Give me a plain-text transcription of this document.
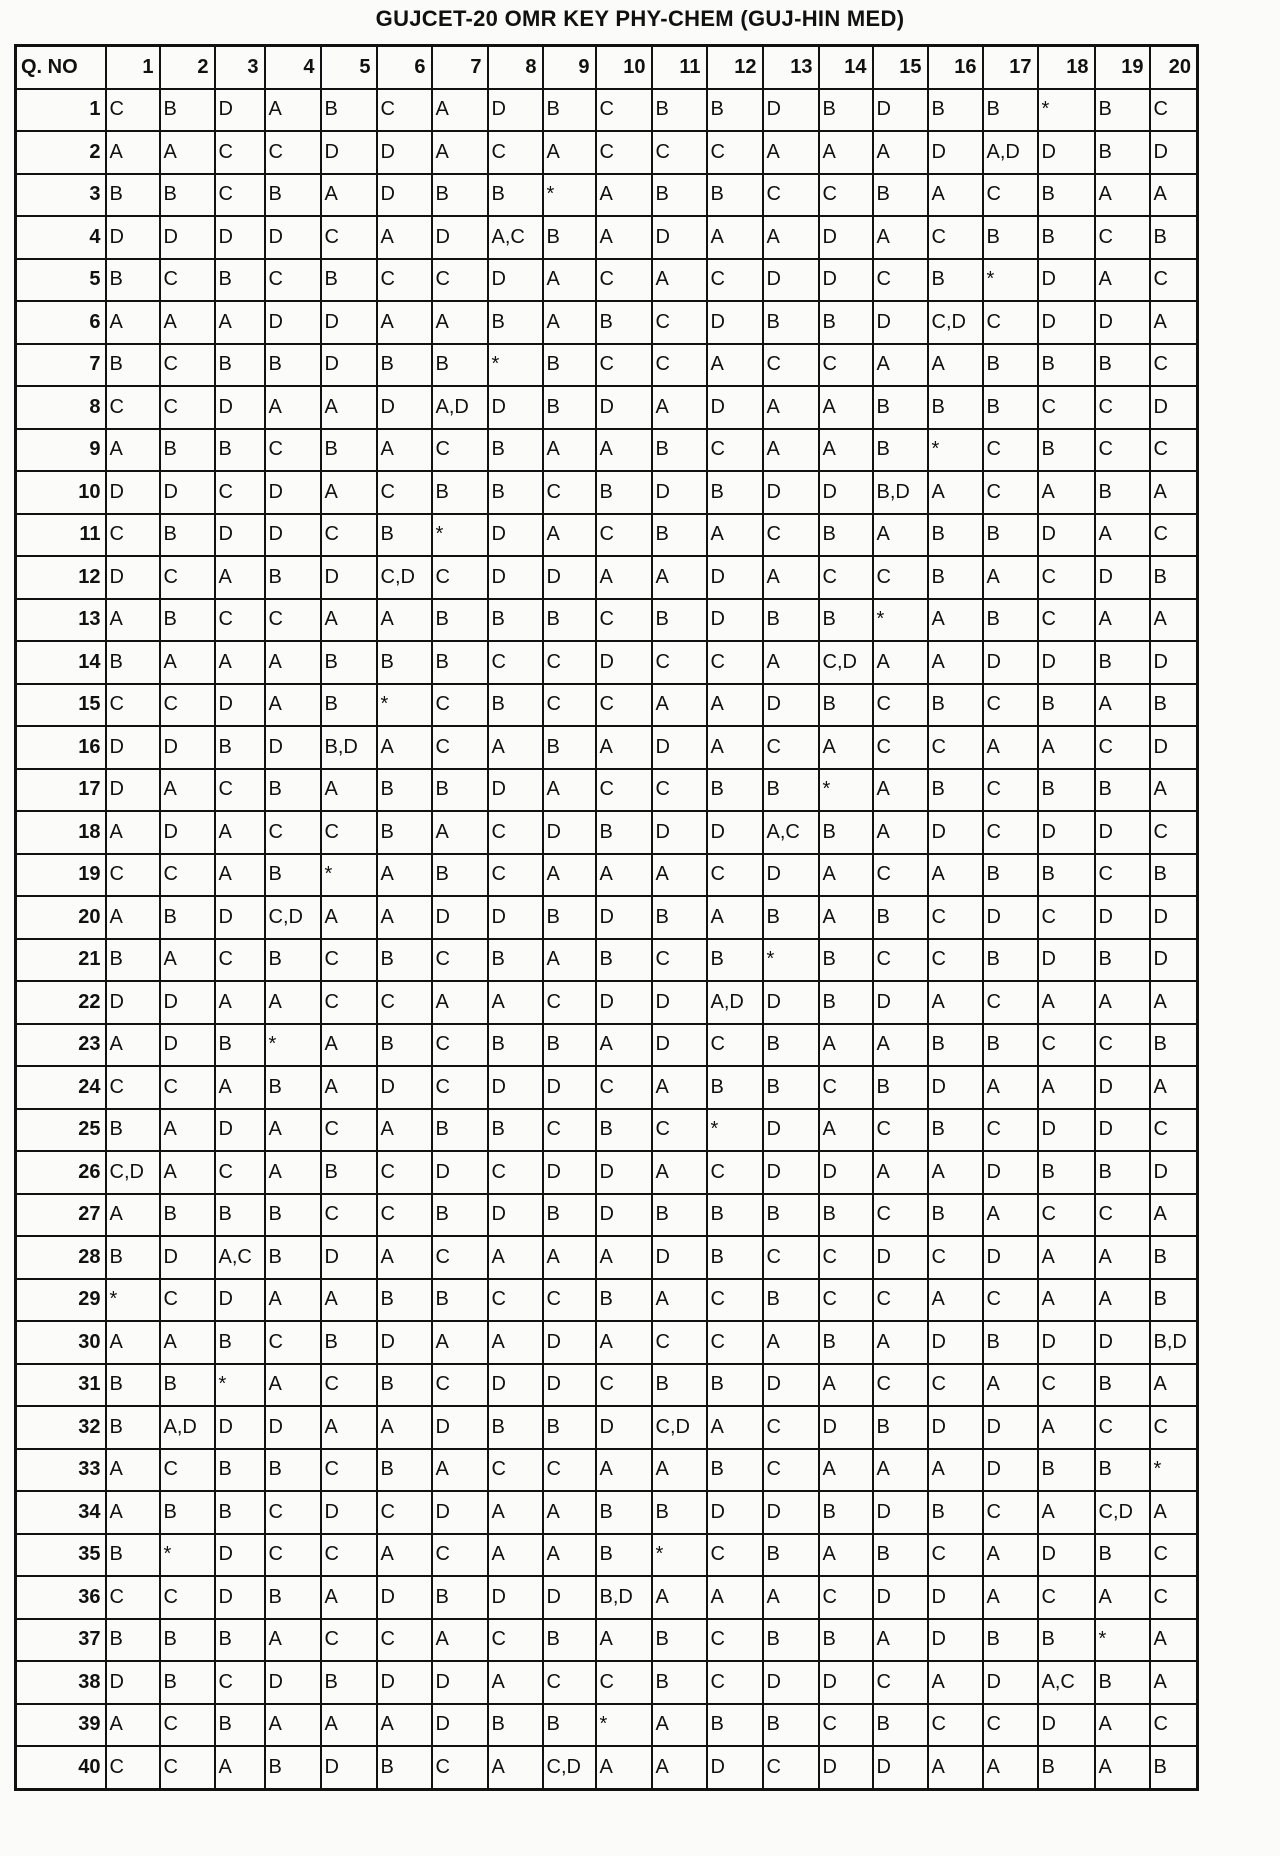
GUJCET-20 OMR KEY PHY-CHEM (GUJ-HIN MED)
Q. NO	1	2	3	4	5	6	7	8	9	10	11	12	13	14	15	16	17	18	19	20
1	C	B	D	A	B	C	A	D	B	C	B	B	D	B	D	B	B	*	B	C
2	A	A	C	C	D	D	A	C	A	C	C	C	A	A	A	D	A,D	D	B	D
3	B	B	C	B	A	D	B	B	*	A	B	B	C	C	B	A	C	B	A	A
4	D	D	D	D	C	A	D	A,C	B	A	D	A	A	D	A	C	B	B	C	B
5	B	C	B	C	B	C	C	D	A	C	A	C	D	D	C	B	*	D	A	C
6	A	A	A	D	D	A	A	B	A	B	C	D	B	B	D	C,D	C	D	D	A
7	B	C	B	B	D	B	B	*	B	C	C	A	C	C	A	A	B	B	B	C
8	C	C	D	A	A	D	A,D	D	B	D	A	D	A	A	B	B	B	C	C	D
9	A	B	B	C	B	A	C	B	A	A	B	C	A	A	B	*	C	B	C	C
10	D	D	C	D	A	C	B	B	C	B	D	B	D	D	B,D	A	C	A	B	A
11	C	B	D	D	C	B	*	D	A	C	B	A	C	B	A	B	B	D	A	C
12	D	C	A	B	D	C,D	C	D	D	A	A	D	A	C	C	B	A	C	D	B
13	A	B	C	C	A	A	B	B	B	C	B	D	B	B	*	A	B	C	A	A
14	B	A	A	A	B	B	B	C	C	D	C	C	A	C,D	A	A	D	D	B	D
15	C	C	D	A	B	*	C	B	C	C	A	A	D	B	C	B	C	B	A	B
16	D	D	B	D	B,D	A	C	A	B	A	D	A	C	A	C	C	A	A	C	D
17	D	A	C	B	A	B	B	D	A	C	C	B	B	*	A	B	C	B	B	A
18	A	D	A	C	C	B	A	C	D	B	D	D	A,C	B	A	D	C	D	D	C
19	C	C	A	B	*	A	B	C	A	A	A	C	D	A	C	A	B	B	C	B
20	A	B	D	C,D	A	A	D	D	B	D	B	A	B	A	B	C	D	C	D	D
21	B	A	C	B	C	B	C	B	A	B	C	B	*	B	C	C	B	D	B	D
22	D	D	A	A	C	C	A	A	C	D	D	A,D	D	B	D	A	C	A	A	A
23	A	D	B	*	A	B	C	B	B	A	D	C	B	A	A	B	B	C	C	B
24	C	C	A	B	A	D	C	D	D	C	A	B	B	C	B	D	A	A	D	A
25	B	A	D	A	C	A	B	B	C	B	C	*	D	A	C	B	C	D	D	C
26	C,D	A	C	A	B	C	D	C	D	D	A	C	D	D	A	A	D	B	B	D
27	A	B	B	B	C	C	B	D	B	D	B	B	B	B	C	B	A	C	C	A
28	B	D	A,C	B	D	A	C	A	A	A	D	B	C	C	D	C	D	A	A	B
29	*	C	D	A	A	B	B	C	C	B	A	C	B	C	C	A	C	A	A	B
30	A	A	B	C	B	D	A	A	D	A	C	C	A	B	A	D	B	D	D	B,D
31	B	B	*	A	C	B	C	D	D	C	B	B	D	A	C	C	A	C	B	A
32	B	A,D	D	D	A	A	D	B	B	D	C,D	A	C	D	B	D	D	A	C	C
33	A	C	B	B	C	B	A	C	C	A	A	B	C	A	A	A	D	B	B	*
34	A	B	B	C	D	C	D	A	A	B	B	D	D	B	D	B	C	A	C,D	A
35	B	*	D	C	C	A	C	A	A	B	*	C	B	A	B	C	A	D	B	C
36	C	C	D	B	A	D	B	D	D	B,D	A	A	A	C	D	D	A	C	A	C
37	B	B	B	A	C	C	A	C	B	A	B	C	B	B	A	D	B	B	*	A
38	D	B	C	D	B	D	D	A	C	C	B	C	D	D	C	A	D	A,C	B	A
39	A	C	B	A	A	A	D	B	B	*	A	B	B	C	B	C	C	D	A	C
40	C	C	A	B	D	B	C	A	C,D	A	A	D	C	D	D	A	A	B	A	B
